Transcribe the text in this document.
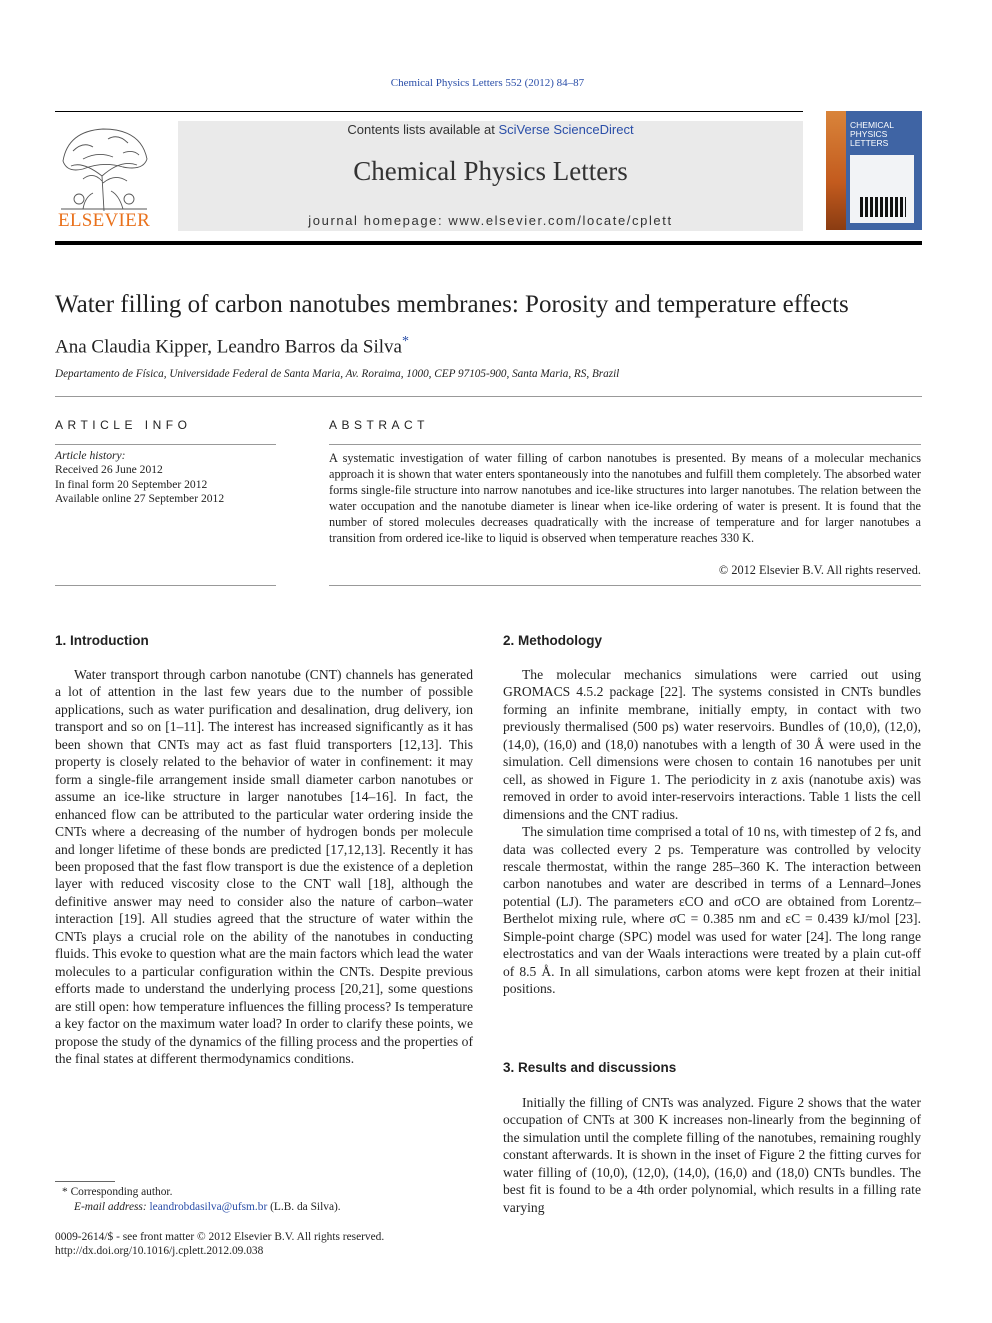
Chemical Physics Letters 552 (2012) 84–87
ELSEVIER
Contents lists available at SciVerse ScienceDirect
Chemical Physics Letters
journal homepage: www.elsevier.com/locate/cplett
CHEMICAL
PHYSICS
LETTERS
Water filling of carbon nanotubes membranes: Porosity and temperature effects
Ana Claudia Kipper, Leandro Barros da Silva*
Departamento de Física, Universidade Federal de Santa Maria, Av. Roraima, 1000, CEP 97105-900, Santa Maria, RS, Brazil
ARTICLE INFO
Article history:
Received 26 June 2012
In final form 20 September 2012
Available online 27 September 2012
ABSTRACT
A systematic investigation of water filling of carbon nanotubes is presented. By means of a molecular mechanics approach it is shown that water enters spontaneously into the nanotubes and fulfill them completely. The absorbed water forms single-file structure into narrow nanotubes and ice-like structures into larger nanotubes. The relation between the water occupation and the nanotube diameter is linear when ice-like ordering of water is present. It is found that the number of stored molecules decreases quadratically with the increase of temperature and for larger nanotubes a transition from ordered ice-like to liquid is observed when temperature reaches 330 K.
© 2012 Elsevier B.V. All rights reserved.
1. Introduction

Water transport through carbon nanotube (CNT) channels has generated a lot of attention in the last few years due to the number of possible applications, such as water purification and desalination, drug delivery, ion transport and so on [1–11]. The interest has increased significantly as it has been shown that CNTs may act as fast fluid transporters [12,13]. This property is closely related to the behavior of water in confinement: it may form a single-file arrangement inside small diameter carbon nanotubes or assume an ice-like structure in larger nanotubes [14–16]. In fact, the enhanced flow can be attributed to the particular water ordering inside the CNTs where a decreasing of the number of hydrogen bonds per molecule and longer lifetime of these bonds are predicted [17,12,13]. Recently it has been proposed that the fast flow transport is due the existence of a depletion layer with reduced viscosity close to the CNT wall [18], although the definitive answer may need to consider also the nature of carbon–water interaction [19]. All studies agreed that the structure of water within the CNTs plays a crucial role on the ability of the nanotubes in conducting fluids. This evoke to question what are the main factors which lead the water molecules to a particular configuration within the CNTs. Despite previous efforts made to understand the underlying process [20,21], some questions are still open: how temperature influences the filling process? Is temperature a key factor on the maximum water load? In order to clarify these points, we propose the study of the dynamics of the filling process and the properties of the final states at different thermodynamics conditions.

2. Methodology

The molecular mechanics simulations were carried out using GROMACS 4.5.2 package [22]. The systems consisted in CNTs bundles forming an infinite membrane, initially empty, in contact with two previously thermalised (500 ps) water reservoirs. Bundles of (10,0), (12,0), (14,0), (16,0) and (18,0) nanotubes with a length of 30 Å were used in the simulation. Cell dimensions were chosen to contain 16 nanotubes per unit cell, as showed in Figure 1. The periodicity in z axis (nanotube axis) was removed in order to avoid inter-reservoirs interactions. Table 1 lists the cell dimensions and the CNT radius.

The simulation time comprised a total of 10 ns, with timestep of 2 fs, and data was collected every 2 ps. Temperature was controlled by velocity rescale thermostat, within the range 285–360 K. The interaction between carbon nanotubes and water are described in terms of a Lennard–Jones potential (LJ). The parameters εCO and σCO are obtained from Lorentz–Berthelot mixing rule, where σC = 0.385 nm and εC = 0.439 kJ/mol [23]. Simple-point charge (SPC) model was used for water [24]. The long range electrostatics and van der Waals interactions were treated by a plain cut-off of 8.5 Å. In all simulations, carbon atoms were kept frozen at their initial positions.

3. Results and discussions

Initially the filling of CNTs was analyzed. Figure 2 shows that the water occupation of CNTs at 300 K increases non-linearly from the beginning of the simulation until the complete filling of the nanotubes, remaining roughly constant afterwards. It is shown in the inset of Figure 2 the fitting curves for water filling of (10,0), (12,0), (14,0), (16,0) and (18,0) CNTs bundles. The best fit is found to be a 4th order polynomial, which results in a filling rate varying

* Corresponding author.
E-mail address: leandrobdasilva@ufsm.br (L.B. da Silva).
0009-2614/$ - see front matter © 2012 Elsevier B.V. All rights reserved.
http://dx.doi.org/10.1016/j.cplett.2012.09.038
